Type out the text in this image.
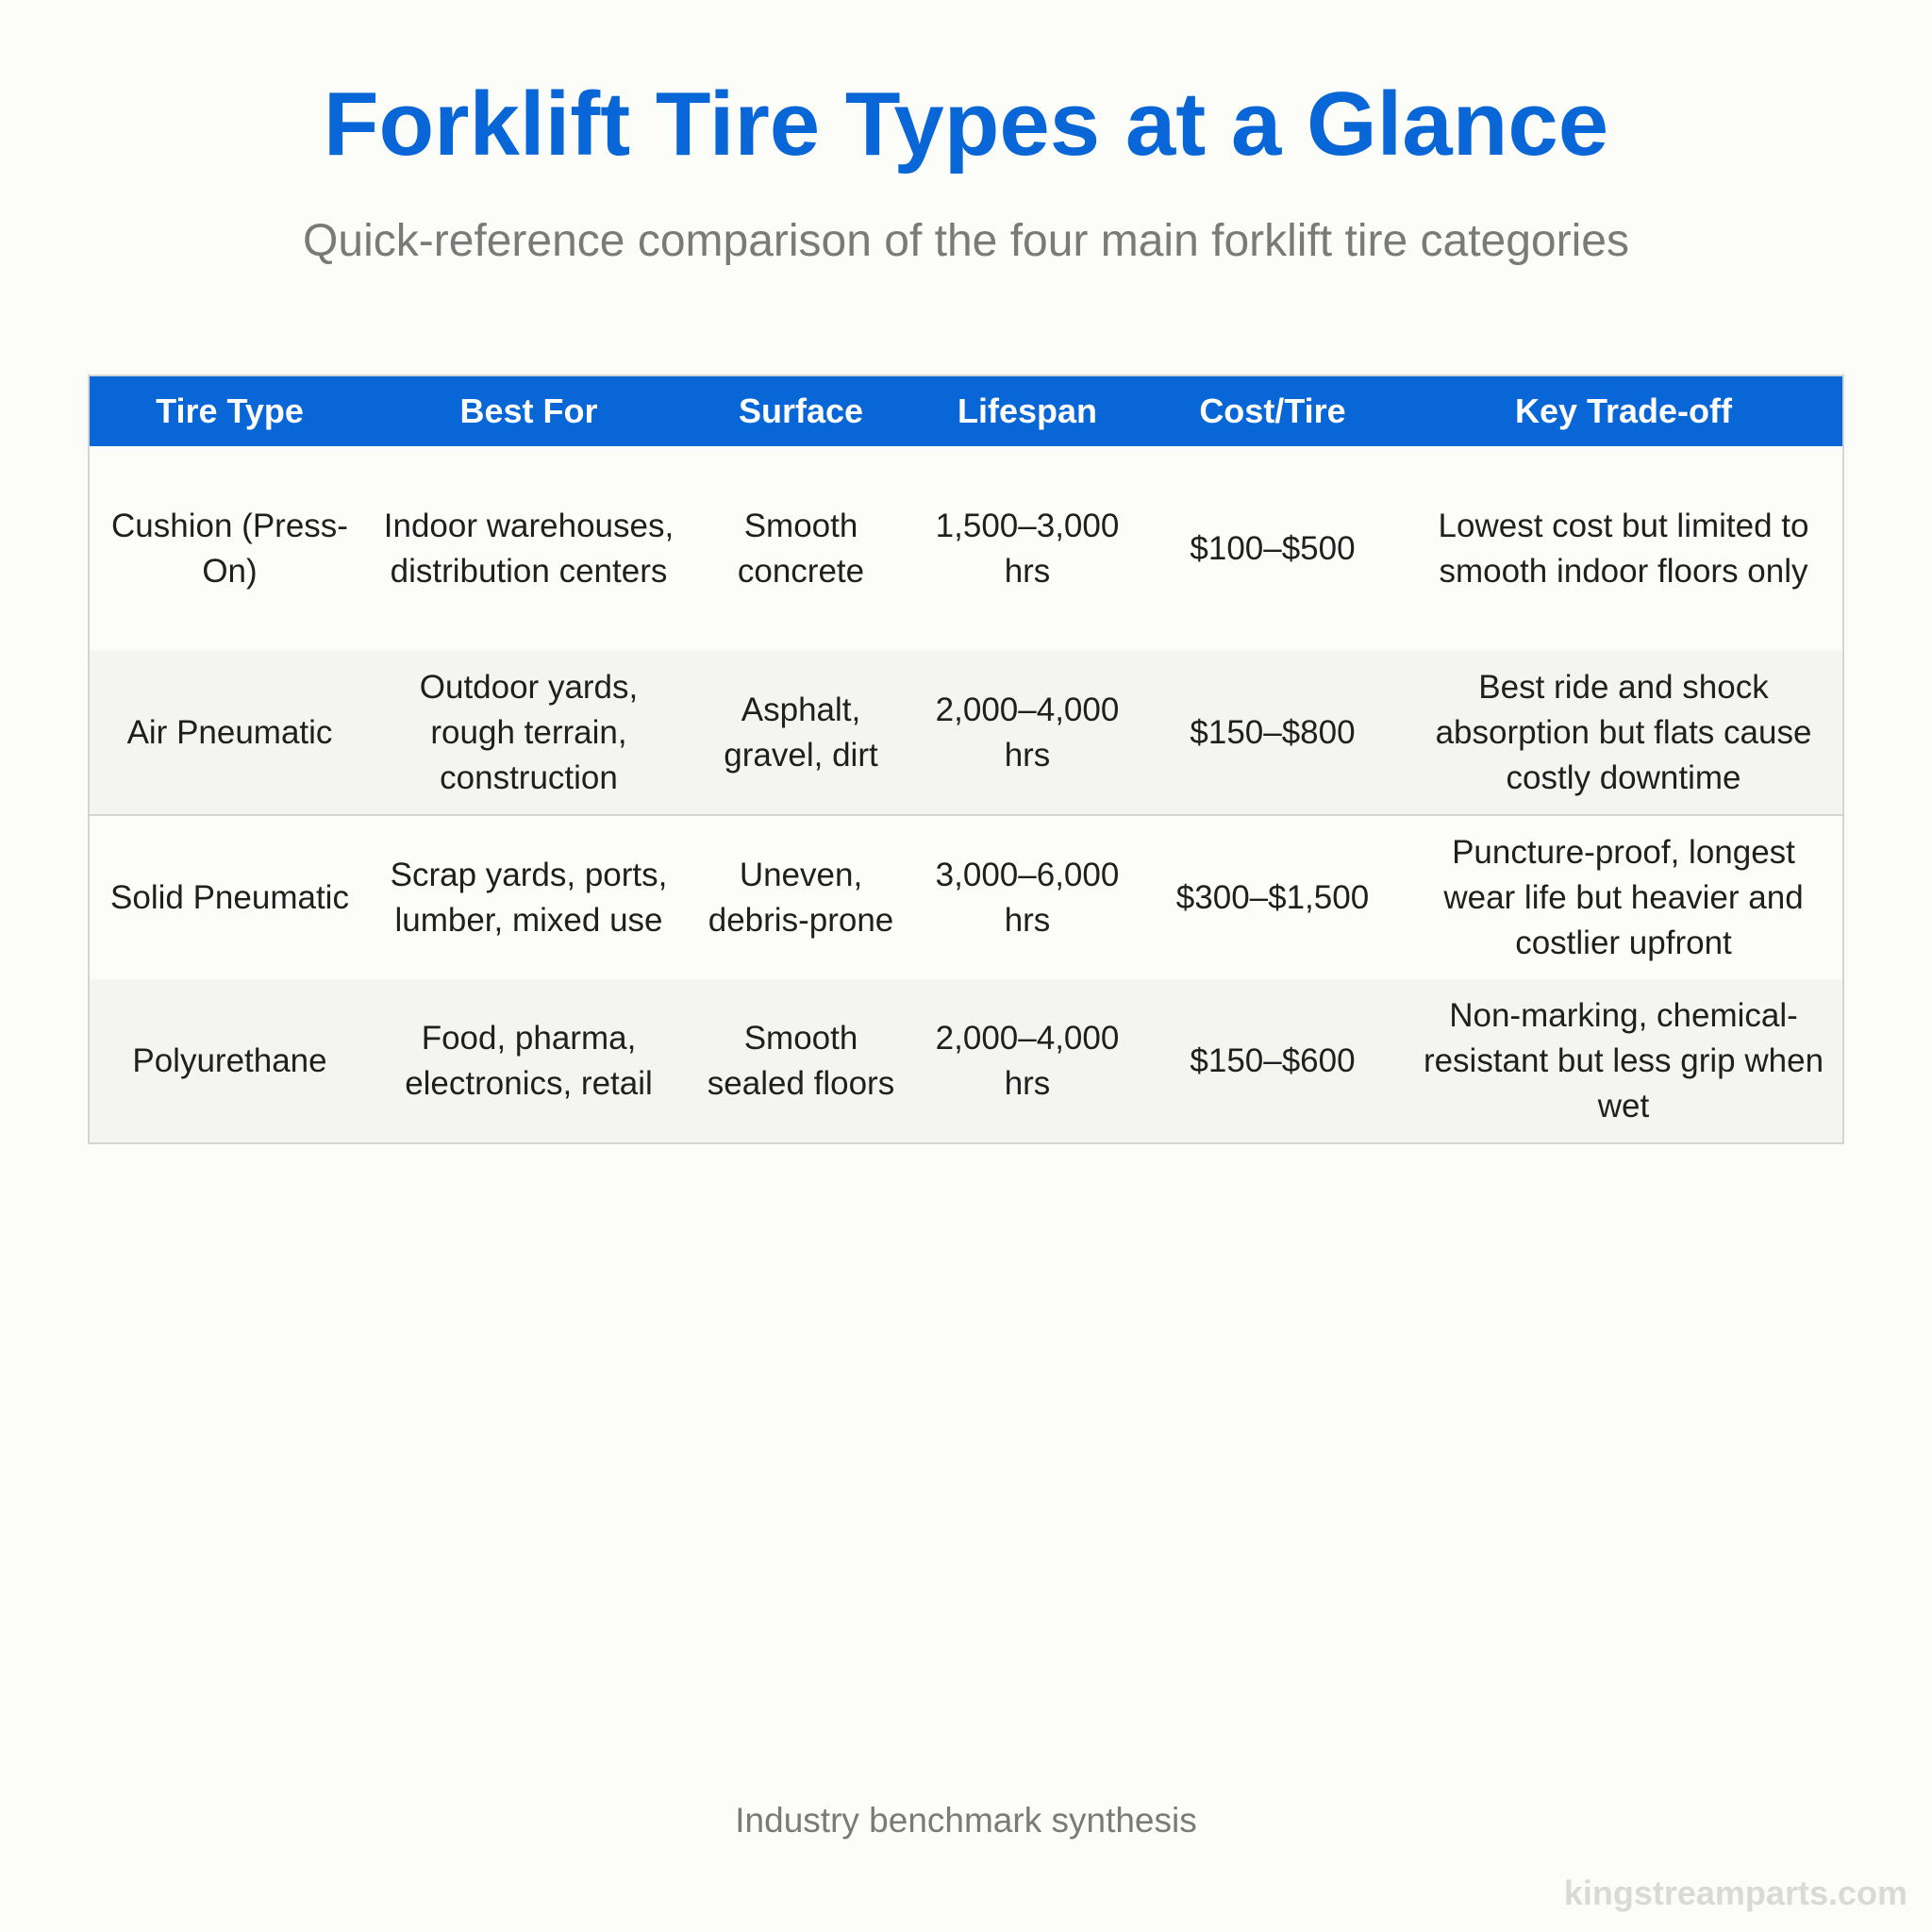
Forklift Tire Types at a Glance
Quick-reference comparison of the four main forklift tire categories
Tire Type	Best For	Surface	Lifespan	Cost/Tire	Key Trade-off
Cushion (Press-On)	Indoor warehouses, distribution centers	Smooth concrete	1,500–3,000 hrs	$100–$500	Lowest cost but limited to smooth indoor floors only
Air Pneumatic	Outdoor yards, rough terrain, construction	Asphalt, gravel, dirt	2,000–4,000 hrs	$150–$800	Best ride and shock absorption but flats cause costly downtime
Solid Pneumatic	Scrap yards, ports, lumber, mixed use	Uneven, debris-prone	3,000–6,000 hrs	$300–$1,500	Puncture-proof, longest wear life but heavier and costlier upfront
Polyurethane	Food, pharma, electronics, retail	Smooth sealed floors	2,000–4,000 hrs	$150–$600	Non-marking, chemical-resistant but less grip when wet
Industry benchmark synthesis
kingstreamparts.com
